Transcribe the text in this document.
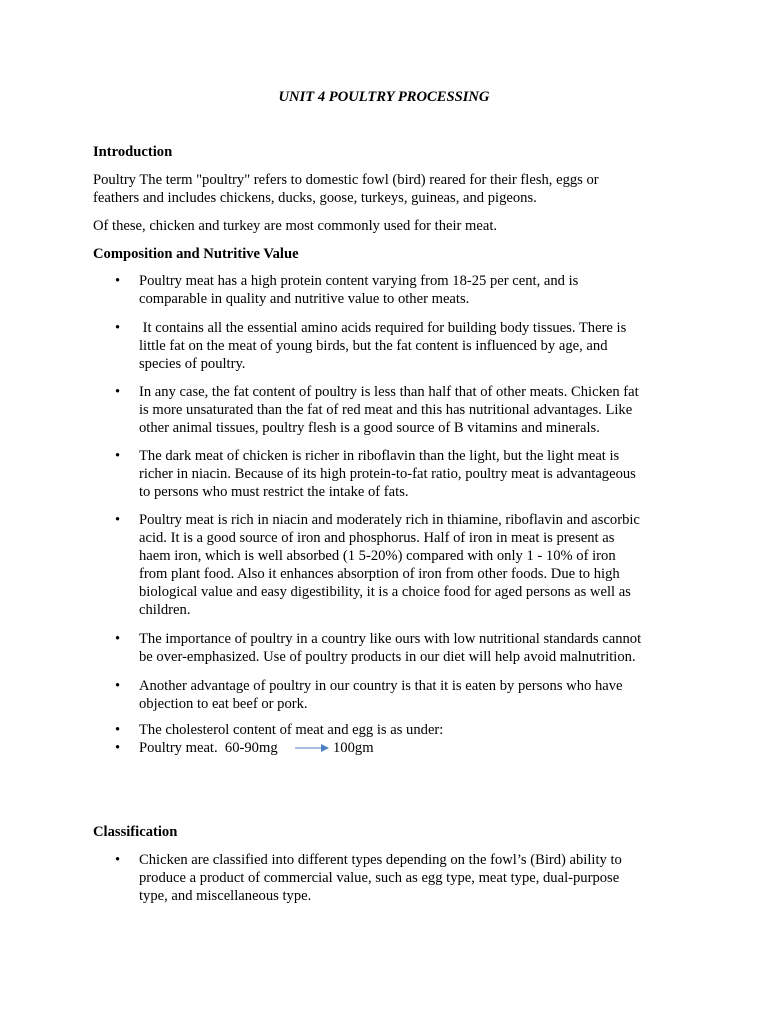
UNIT 4 POULTRY PROCESSING
Introduction
Poultry The term "poultry" refers to domestic fowl (bird) reared for their flesh, eggs or
feathers and includes chickens, ducks, goose, turkeys, guineas, and pigeons.
Of these, chicken and turkey are most commonly used for their meat.
Composition and Nutritive Value
•	Poultry meat has a high protein content varying from 18-25 per cent, and is
comparable in quality and nutritive value to other meats.
•	It contains all the essential amino acids required for building body tissues. There is
little fat on the meat of young birds, but the fat content is influenced by age, and
species of poultry.
•	In any case, the fat content of poultry is less than half that of other meats. Chicken fat
is more unsaturated than the fat of red meat and this has nutritional advantages. Like
other animal tissues, poultry flesh is a good source of B vitamins and minerals.
•	The dark meat of chicken is richer in riboflavin than the light, but the light meat is
richer in niacin. Because of its high protein-to-fat ratio, poultry meat is advantageous
to persons who must restrict the intake of fats.
•	Poultry meat is rich in niacin and moderately rich in thiamine, riboflavin and ascorbic
acid. It is a good source of iron and phosphorus. Half of iron in meat is present as
haem iron, which is well absorbed (1 5-20%) compared with only 1 - 10% of iron
from plant food. Also it enhances absorption of iron from other foods. Due to high
biological value and easy digestibility, it is a choice food for aged persons as well as
children.
•	The importance of poultry in a country like ours with low nutritional standards cannot
be over-emphasized. Use of poultry products in our diet will help avoid malnutrition.
•	Another advantage of poultry in our country is that it is eaten by persons who have
objection to eat beef or pork.
•	The cholesterol content of meat and egg is as under:
• Poultry meat.  60-90mg	100gm
Classification
•	Chicken are classified into different types depending on the fowl’s (Bird) ability to
produce a product of commercial value, such as egg type, meat type, dual-purpose
type, and miscellaneous type.
